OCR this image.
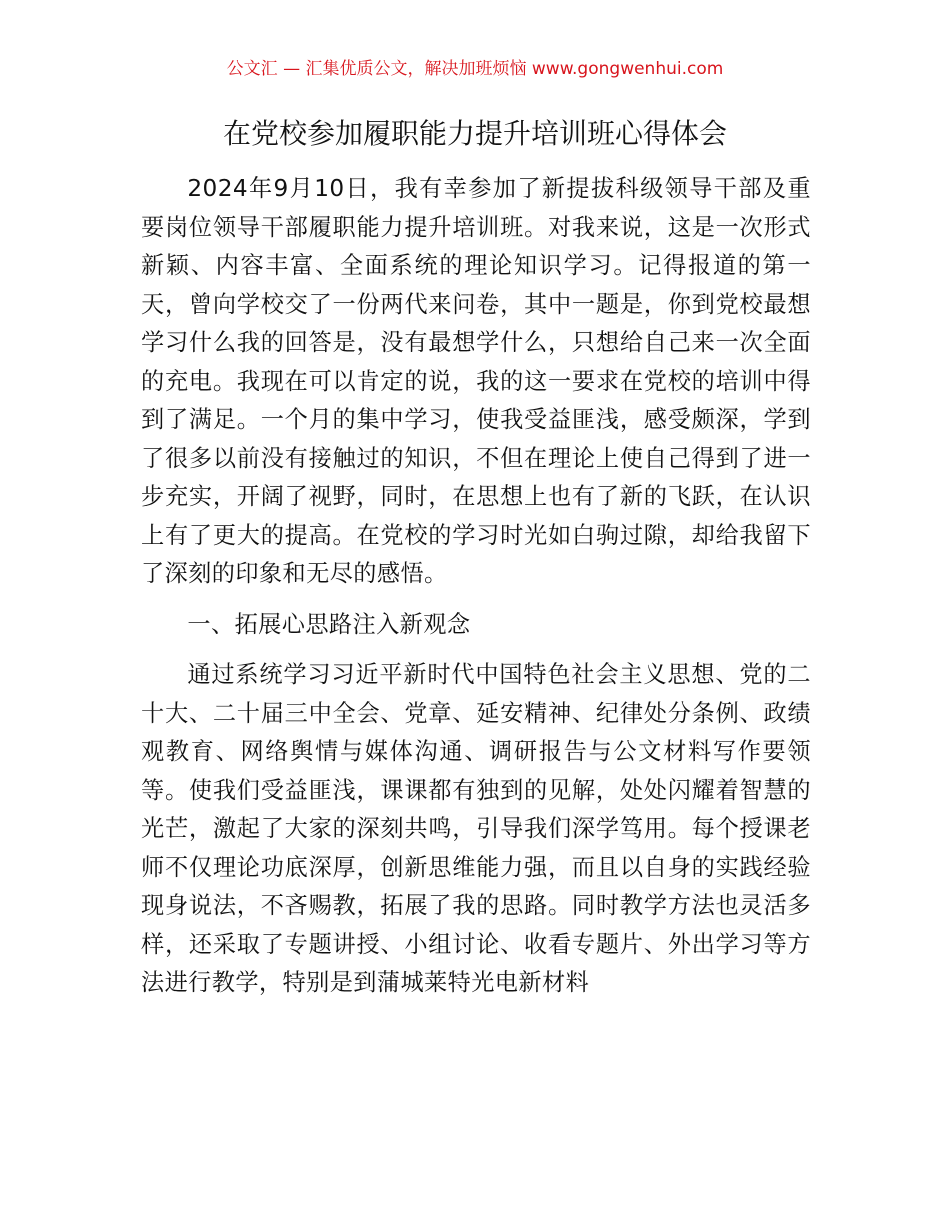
公文汇 — 汇集优质公文，解决加班烦恼 www.gongwenhui.com
在党校参加履职能力提升培训班心得体会

2024年9月10日，我有幸参加了新提拔科级领导干部及重要岗位领导干部履职能力提升培训班。对我来说，这是一次形式新颖、内容丰富、全面系统的理论知识学习。记得报道的第一天，曾向学校交了一份两代来问卷，其中一题是，你到党校最想学习什么我的回答是，没有最想学什么，只想给自己来一次全面的充电。我现在可以肯定的说，我的这一要求在党校的培训中得到了满足。一个月的集中学习，使我受益匪浅，感受颇深，学到了很多以前没有接触过的知识，不但在理论上使自己得到了进一步充实，开阔了视野，同时，在思想上也有了新的飞跃，在认识上有了更大的提高。在党校的学习时光如白驹过隙，却给我留下了深刻的印象和无尽的感悟。

一、拓展心思路注入新观念

通过系统学习习近平新时代中国特色社会主义思想、党的二十大、二十届三中全会、党章、延安精神、纪律处分条例、政绩观教育、网络舆情与媒体沟通、调研报告与公文材料写作要领等。使我们受益匪浅，课课都有独到的见解，处处闪耀着智慧的光芒，激起了大家的深刻共鸣，引导我们深学笃用。每个授课老师不仅理论功底深厚，创新思维能力强，而且以自身的实践经验现身说法，不吝赐教，拓展了我的思路。同时教学方法也灵活多样，还采取了专题讲授、小组讨论、收看专题片、外出学习等方法进行教学，特别是到蒲城莱特光电新材料
